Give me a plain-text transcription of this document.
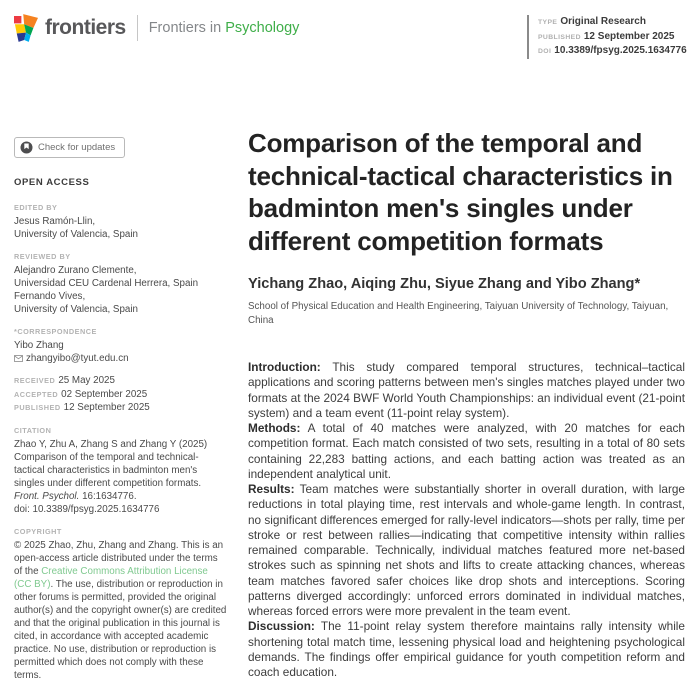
frontiers Frontiers in Psychology	TYPE Original Research
PUBLISHED 12 September 2025
DOI 10.3389/fpsyg.2025.1634776
Check for updates
OPEN ACCESS
EDITED BY
Jesus Ramón-Llin,
University of Valencia, Spain
REVIEWED BY
Alejandro Zurano Clemente,
Universidad CEU Cardenal Herrera, Spain
Fernando Vives,
University of Valencia, Spain
*CORRESPONDENCE
Yibo Zhang
zhangyibo@tyut.edu.cn
RECEIVED 25 May 2025
ACCEPTED 02 September 2025
PUBLISHED 12 September 2025
CITATION
Zhao Y, Zhu A, Zhang S and Zhang Y (2025) Comparison of the temporal and technical-tactical characteristics in badminton men's singles under different competition formats.
Front. Psychol. 16:1634776.
doi: 10.3389/fpsyg.2025.1634776
COPYRIGHT
© 2025 Zhao, Zhu, Zhang and Zhang. This is an open-access article distributed under the terms of the Creative Commons Attribution License (CC BY). The use, distribution or reproduction in other forums is permitted, provided the original author(s) and the copyright owner(s) are credited and that the original publication in this journal is cited, in accordance with accepted academic practice. No use, distribution or reproduction is permitted which does not comply with these terms.
Comparison of the temporal and technical-tactical characteristics in badminton men's singles under different competition formats
Yichang Zhao, Aiqing Zhu, Siyue Zhang and Yibo Zhang*
School of Physical Education and Health Engineering, Taiyuan University of Technology, Taiyuan, China

Introduction: This study compared temporal structures, technical–tactical applications and scoring patterns between men's singles matches played under two formats at the 2024 BWF World Youth Championships: an individual event (21-point system) and a team event (11-point relay system).

Methods: A total of 40 matches were analyzed, with 20 matches for each competition format. Each match consisted of two sets, resulting in a total of 80 sets containing 22,283 batting actions, and each batting action was treated as an independent analytical unit.

Results: Team matches were substantially shorter in overall duration, with large reductions in total playing time, rest intervals and whole-game length. In contrast, no significant differences emerged for rally-level indicators—shots per rally, time per stroke or rest between rallies—indicating that competitive intensity within rallies remained comparable. Technically, individual matches featured more net-based strokes such as spinning net shots and lifts to create attacking chances, whereas team matches favored safer choices like drop shots and interceptions. Scoring patterns diverged accordingly: unforced errors dominated in individual matches, whereas forced errors were more prevalent in the team event.

Discussion: The 11-point relay system therefore maintains rally intensity while shortening total match time, lessening physical load and heightening psychological demands. The findings offer empirical guidance for youth competition reform and coach education.
